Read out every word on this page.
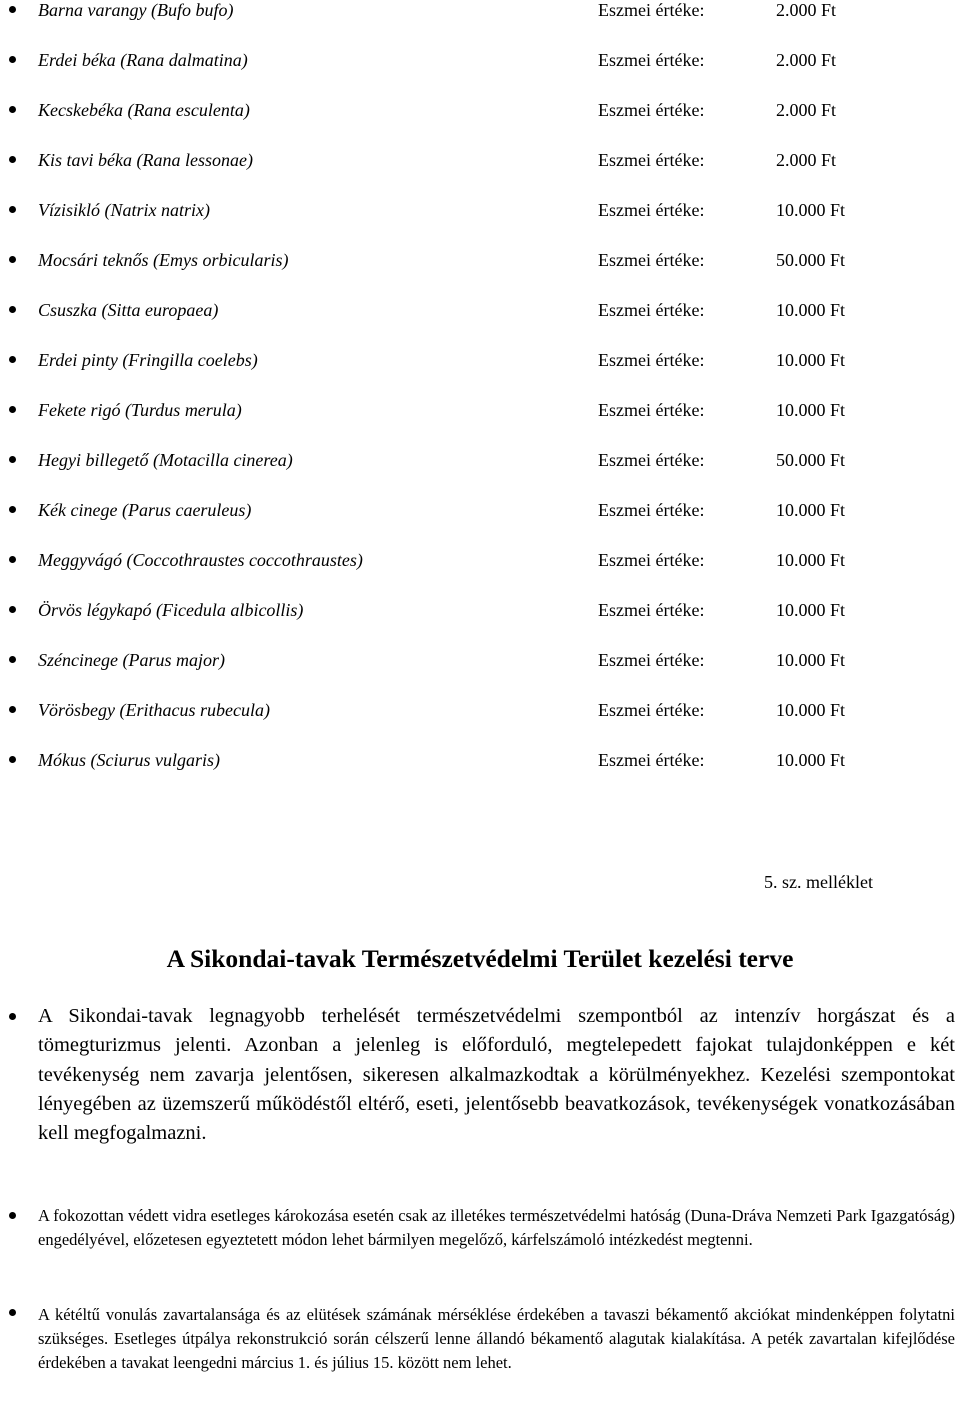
Barna varangy (Bufo bufo)	Eszmei értéke:	2.000 Ft
Erdei béka (Rana dalmatina)	Eszmei értéke:	2.000 Ft
Kecskebéka (Rana esculenta)	Eszmei értéke:	2.000 Ft
Kis tavi béka (Rana lessonae)	Eszmei értéke:	2.000 Ft
Vízisikló (Natrix natrix)	Eszmei értéke:	10.000 Ft
Mocsári teknős (Emys orbicularis)	Eszmei értéke:	50.000 Ft
Csuszka (Sitta europaea)	Eszmei értéke:	10.000 Ft
Erdei pinty (Fringilla coelebs)	Eszmei értéke:	10.000 Ft
Fekete rigó (Turdus merula)	Eszmei értéke:	10.000 Ft
Hegyi billegető (Motacilla cinerea)	Eszmei értéke:	50.000 Ft
Kék cinege (Parus caeruleus)	Eszmei értéke:	10.000 Ft
Meggyvágó (Coccothraustes coccothraustes)	Eszmei értéke:	10.000 Ft
Örvös légykapó (Ficedula albicollis)	Eszmei értéke:	10.000 Ft
Széncinege (Parus major)	Eszmei értéke:	10.000 Ft
Vörösbegy (Erithacus rubecula)	Eszmei értéke:	10.000 Ft
Mókus (Sciurus vulgaris)	Eszmei értéke:	10.000 Ft
5. sz. melléklet
A Sikondai-tavak Természetvédelmi Terület kezelési terve
A Sikondai-tavak legnagyobb terhelését természetvédelmi szempontból az intenzív horgászat és a tömegturizmus jelenti. Azonban a jelenleg is előforduló, megtelepedett fajokat tulajdonképpen e két tevékenység nem zavarja jelentősen, sikeresen alkalmazkodtak a körülményekhez. Kezelési szempontokat lényegében az üzemszerű működéstől eltérő, eseti, jelentősebb beavatkozások, tevékenységek vonatkozásában kell megfogalmazni.
A fokozottan védett vidra esetleges károkozása esetén csak az illetékes természetvédelmi hatóság (Duna-Dráva Nemzeti Park Igazgatóság) engedélyével, előzetesen egyeztetett módon lehet bármilyen megelőző, kárfelszámoló intézkedést megtenni.
A kétéltű vonulás zavartalansága és az elütések számának mérséklése érdekében a tavaszi békamentő akciókat mindenképpen folytatni szükséges. Esetleges útpálya rekonstrukció során célszerű lenne állandó békamentő alagutak kialakítása. A peték zavartalan kifejlődése érdekében a tavakat leengedni március 1. és július 15. között nem lehet.
